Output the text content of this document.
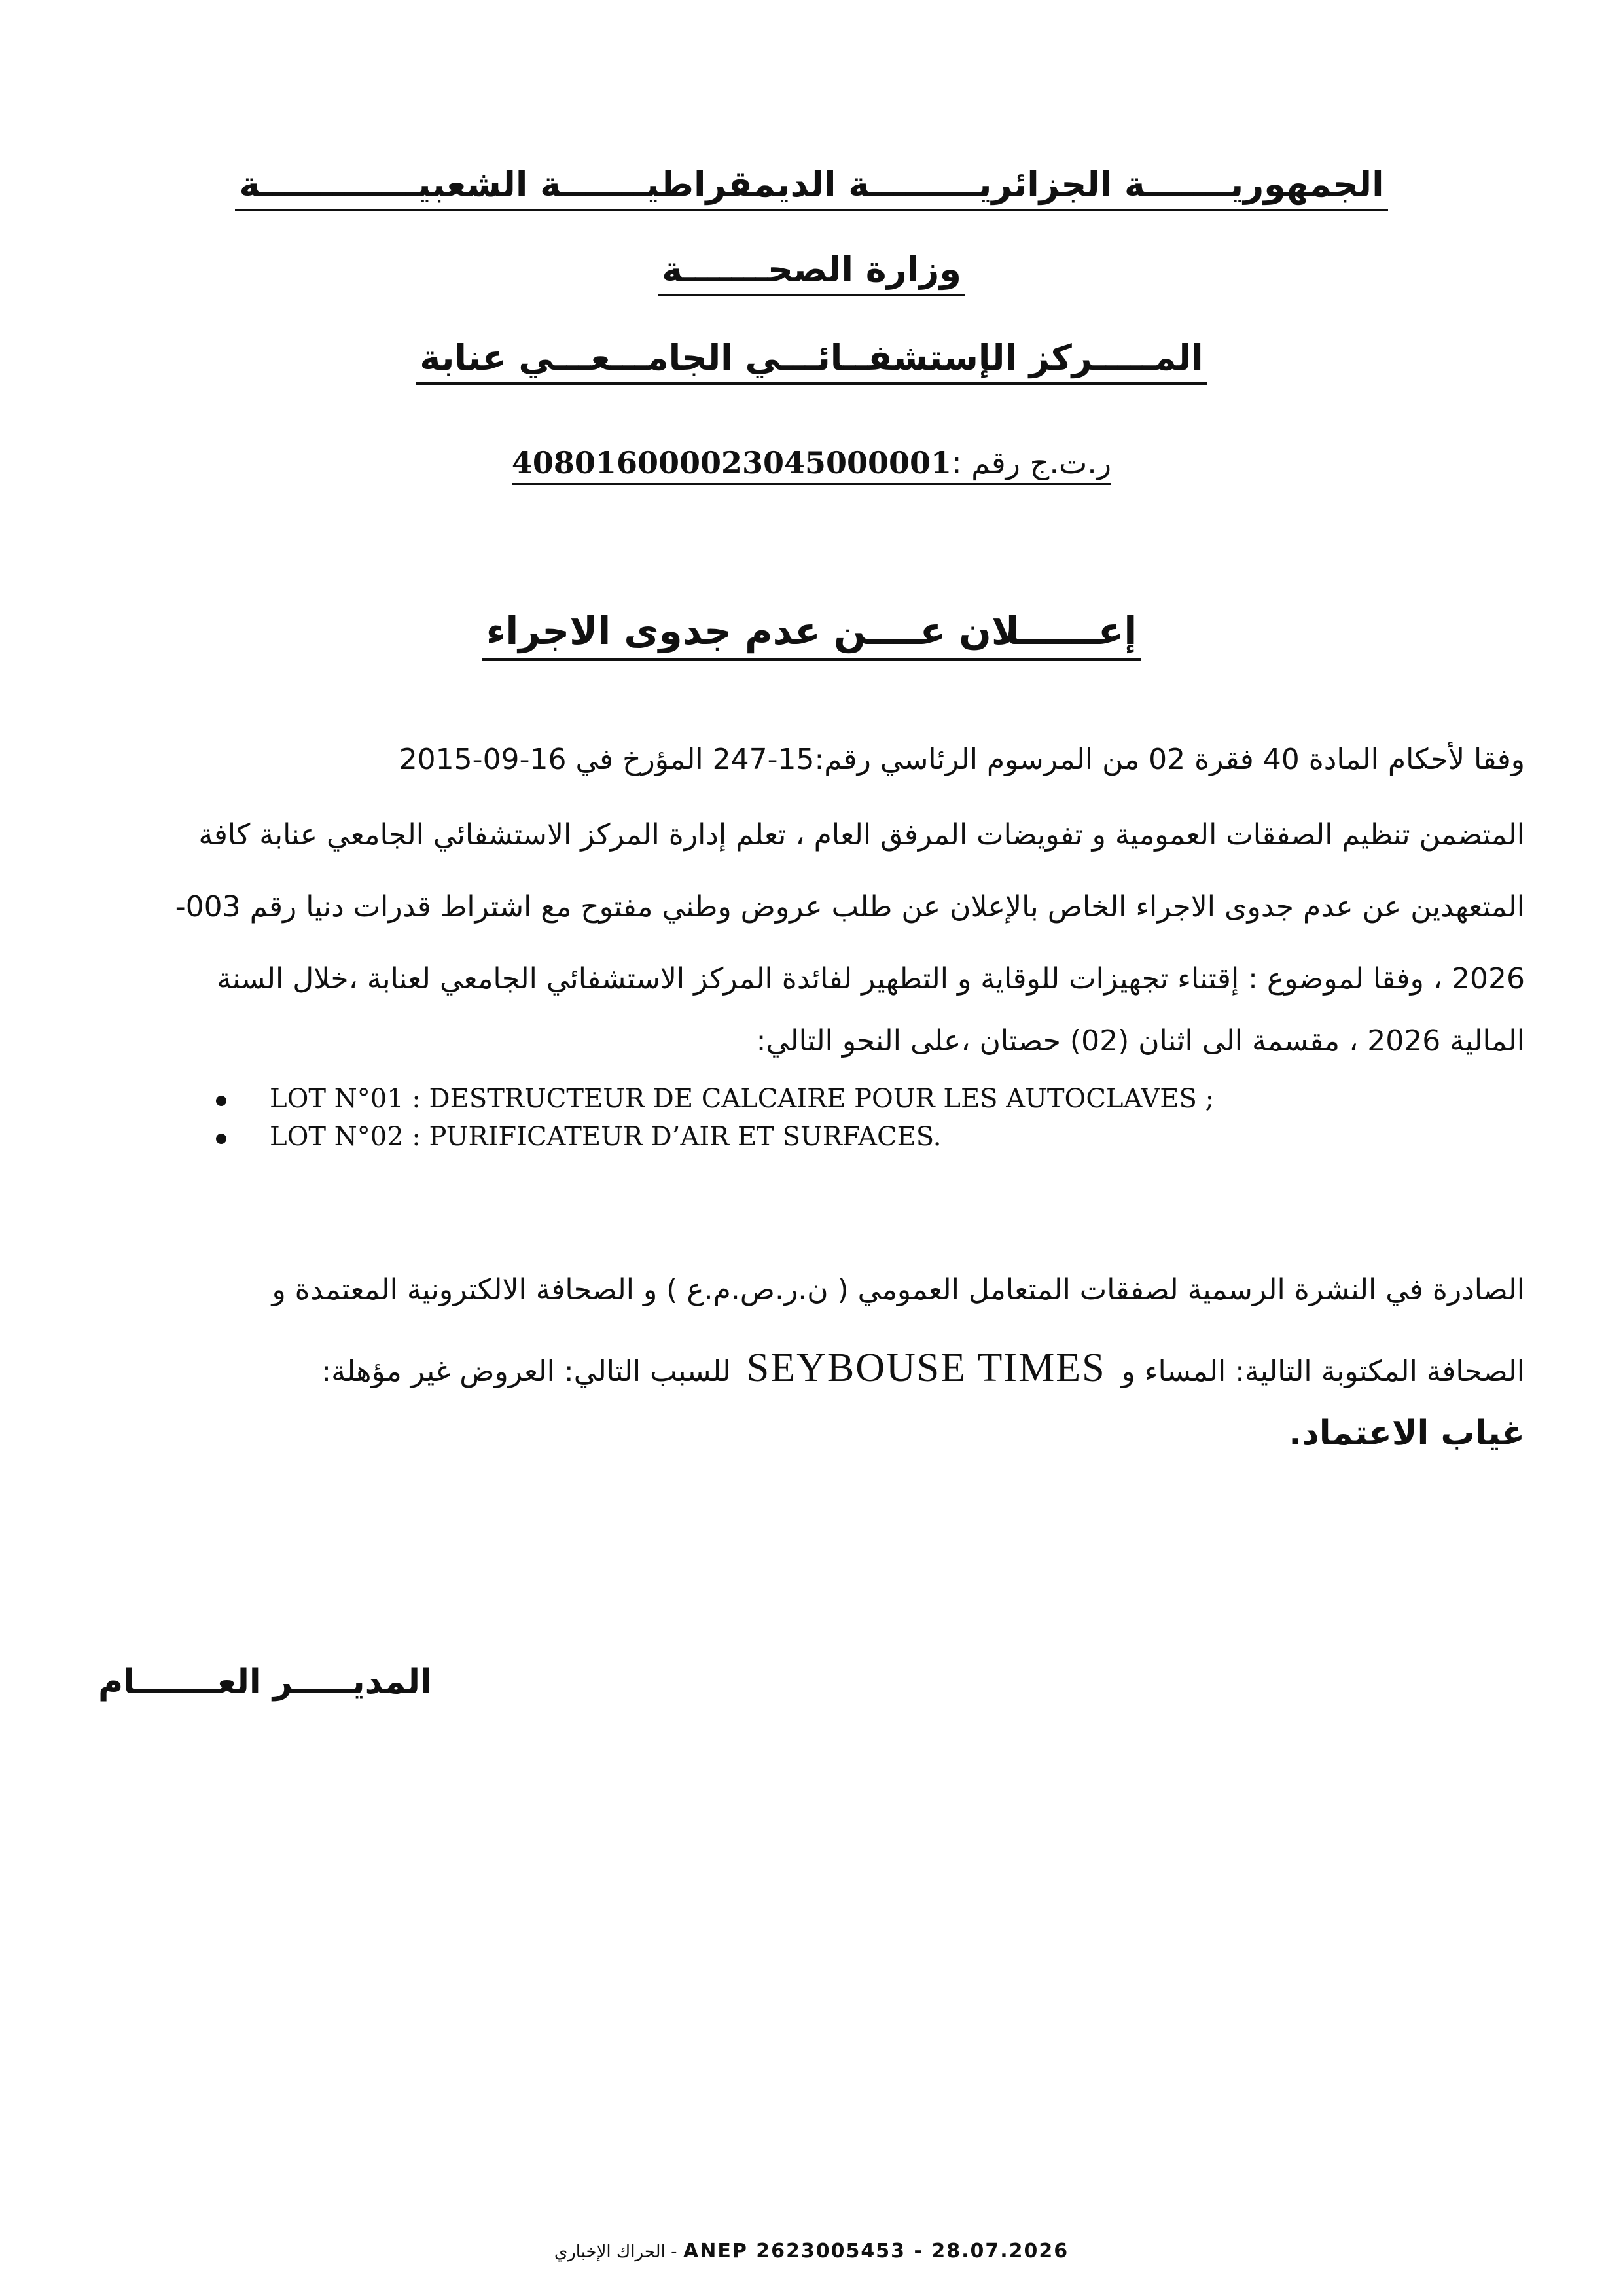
الجمهوريـــــــة الجزائريـــــــــة الديمقراطيـــــــة الشعبيـــــــــــــة
وزارة الصحـــــــة
المـــــركز الإستشفــائـــي الجامـــعـــي عنابة
ر.ت.ج رقم :408016000023045000001
إعــــــلان عــــن عدم جدوى الاجراء
وفقا لأحكام المادة 40 فقرة 02 من المرسوم الرئاسي رقم:15-247 المؤرخ في 16-09-2015
المتضمن تنظيم الصفقات العمومية و تفويضات المرفق العام ، تعلم إدارة المركز الاستشفائي الجامعي عنابة كافة
المتعهدين عن عدم جدوى الاجراء الخاص بالإعلان عن طلب عروض وطني مفتوح مع اشتراط قدرات دنيا رقم 003-
2026 ، وفقا لموضوع : إقتناء تجهيزات للوقاية و التطهير لفائدة المركز الاستشفائي الجامعي لعنابة ،خلال السنة
المالية 2026 ، مقسمة الى اثنان (02) حصتان ،على النحو التالي:
LOT N°01 : DESTRUCTEUR DE CALCAIRE POUR LES AUTOCLAVES ;
LOT N°02 : PURIFICATEUR D’AIR ET SURFACES.
الصادرة في النشرة الرسمية لصفقات المتعامل العمومي ( ن.ر.ص.م.ع ) و الصحافة الالكترونية المعتمدة و
الصحافة المكتوبة التالية: المساء وSEYBOUSE TIMESللسبب التالي: العروض غير مؤهلة:
غياب الاعتماد.
المديـــــر العـــــــام
الحراك الإخباري - ANEP 2623005453 - 28.07.2026
